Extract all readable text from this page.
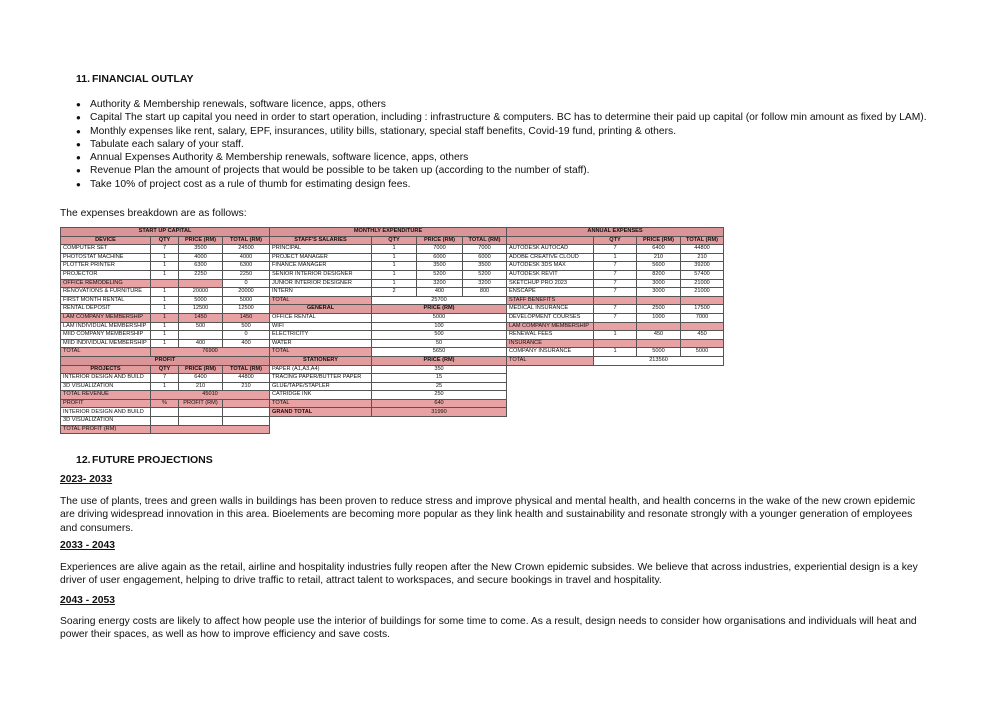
11. FINANCIAL OUTLAY
● Authority & Membership renewals, software licence, apps, others
● Capital The start up capital you need in order to start operation, including : infrastructure & computers. BC has to determine their paid up capital (or follow min amount as fixed by LAM).
● Monthly expenses like rent, salary, EPF, insurances, utility bills, stationary, special staff benefits, Covid-19 fund, printing & others.
● Tabulate each salary of your staff.
● Annual Expenses Authority & Membership renewals, software licence, apps, others
● Revenue Plan the amount of projects that would be possible to be taken up (according to the number of staff).
● Take 10% of project cost as a rule of thumb for estimating design fees.
The expenses breakdown are as follows:
START UP CAPITAL			
DEVICE	QTY	PRICE (RM)	TOTAL (RM)
COMPUTER SET	7	3500	24500
PHOTOSTAT MACHINE	1	4000	4000
PLOTTER PRINTER	1	6300	6300
PROJECTOR	1	2250	2250
OFFICE REMODELING			0
RENOVATIONS & FURNITURE	1	20000	20000
FIRST MONTH RENTAL	1	5000	5000
RENTAL DEPOSIT	1	12500	12500
LAM COMPANY MEMBERSHIP	1	1450	1450
LAM INDIVIDUAL MEMBERSHIP	1	500	500
MIID COMPANY MEMBERSHIP	1		0
MIID INDIVIDUAL MEMBERSHIP	1	400	400
TOTAL	76900		
PROFIT			
PROJECTS	QTY	PRICE (RM)	TOTAL (RM)
INTERIOR DESIGN AND BUILD	7	6400	44800
3D VISUALIZATION	1	210	210
TOTAL REVENUE	45010		
PROFIT	%	PROFIT (RM)	
INTERIOR DESIGN AND BUILD			
3D VISUALIZATION			
TOTAL PROFIT (RM)			
MONTHLY EXPENDITURE			
STAFF'S SALARIES	QTY	PRICE (RM)	TOTAL (RM)
PRINCIPAL	1	7000	7000
PROJECT MANAGER	1	6000	6000
FINANCE MANAGER	1	3500	3500
SENIOR INTERIOR DESIGNER	1	5200	5200
JUNIOR INTERIOR DESIGNER	1	3200	3200
INTERN	2	400	800
TOTAL	25700		
GENERAL	PRICE (RM)		
OFFICE RENTAL	5000		
WIFI	100		
ELECTRICITY	500		
WATER	50		
TOTAL	5650		
STATIONERY	PRICE (RM)		
PAPER (A1,A3,A4)	350		
TRACING PAPER/BUTTER PAPER	15		
GLUE/TAPE/STAPLER	25		
CATRIDGE INK	250		
TOTAL	640		
GRAND TOTAL	31990		
ANNUAL EXPENSES			
	QTY	PRICE (RM)	TOTAL (RM)
AUTODESK AUTOCAD	7	6400	44800
ADOBE CREATIVE CLOUD	1	210	210
AUTODESK 3DS MAX	7	5600	39200
AUTODESK REVIT	7	8200	57400
SKETCHUP PRO 2023	7	3000	21000
ENSCAPE	7	3000	21000
STAFF BENEFITS			
MEDICAL INSURANCE	7	2500	17500
DEVELOPMENT COURSES	7	1000	7000
LAM COMPANY MEMBERSHIP			
RENEWAL FEES	1	450	450
INSURANCE			
COMPANY INSURANCE	1	5000	5000
TOTAL	213560		
12.FUTURE PROJECTIONS
2023- 2033
The use of plants, trees and green walls in buildings has been proven to reduce stress and improve physical and mental health, and health concerns in the wake of the new crown epidemic are driving widespread innovation in this area. Bioelements are becoming more popular as they link health and sustainability and resonate strongly with a younger generation of employees and consumers.
2033 - 2043
Experiences are alive again as the retail, airline and hospitality industries fully reopen after the New Crown epidemic subsides. We believe that across industries, experiential design is a key driver of user engagement, helping to drive traffic to retail, attract talent to workspaces, and secure bookings in travel and hospitality.
2043 - 2053
Soaring energy costs are likely to affect how people use the interior of buildings for some time to come. As a result, design needs to consider how organisations and individuals will heat and power their spaces, as well as how to improve efficiency and save costs.
